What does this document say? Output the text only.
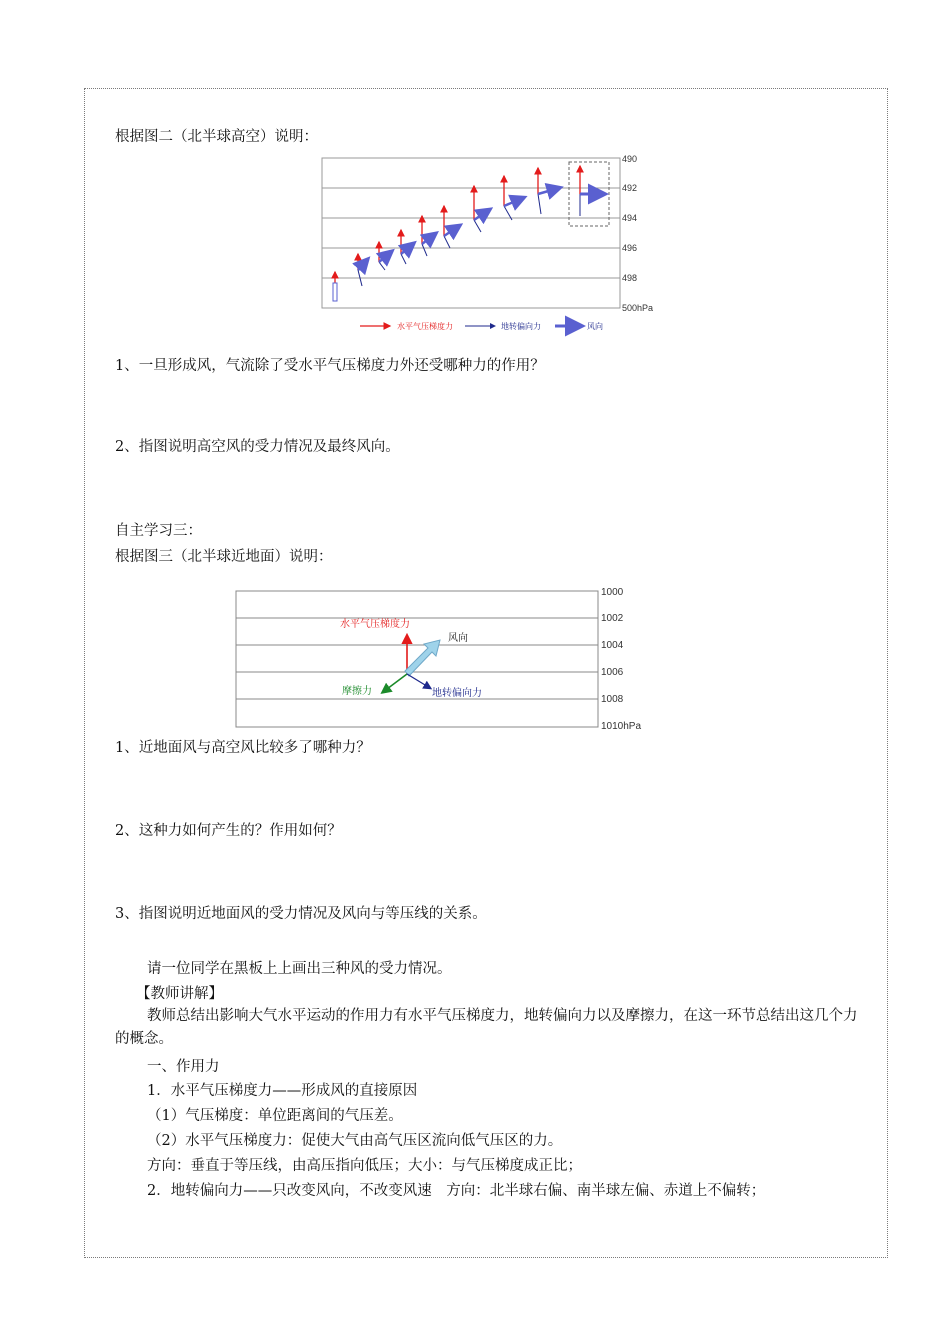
根据图二（北半球高空）说明：
490
492
494
496
498
500hPa
水平气压梯度力	地转偏向力	风向
1、一旦形成风，气流除了受水平气压梯度力外还受哪种力的作用？
2、指图说明高空风的受力情况及最终风向。
自主学习三：
根据图三（北半球近地面）说明：
1000
1002
1004
1006
1008
1010hPa
水平气压梯度力
风向
摩擦力	地转偏向力
1、近地面风与高空风比较多了哪种力？
2、这种力如何产生的？作用如何？
3、指图说明近地面风的受力情况及风向与等压线的关系。
请一位同学在黑板上上画出三种风的受力情况。
【教师讲解】
教师总结出影响大气水平运动的作用力有水平气压梯度力，地转偏向力以及摩擦力，在这一环节总结出这几个力的概念。
一、作用力
1．水平气压梯度力——形成风的直接原因
（1）气压梯度：单位距离间的气压差。
（2）水平气压梯度力：促使大气由高气压区流向低气压区的力。
方向：垂直于等压线，由高压指向低压；大小：与气压梯度成正比；
2．地转偏向力——只改变风向，不改变风速　方向：北半球右偏、南半球左偏、赤道上不偏转；
